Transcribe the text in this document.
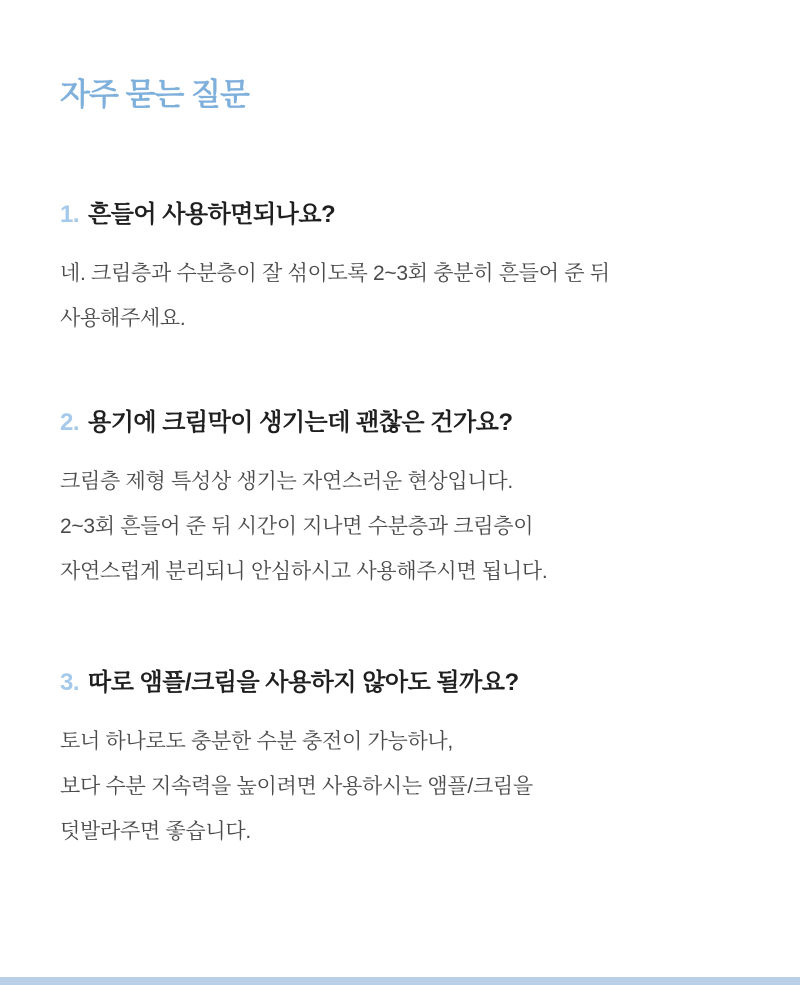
자주 묻는 질문
1. 흔들어 사용하면되나요?
네. 크림층과 수분층이 잘 섞이도록 2~3회 충분히 흔들어 준 뒤
사용해주세요.
2. 용기에 크림막이 생기는데 괜찮은 건가요?
크림층 제형 특성상 생기는 자연스러운 현상입니다.
2~3회 흔들어 준 뒤 시간이 지나면 수분층과 크림층이
자연스럽게 분리되니 안심하시고 사용해주시면 됩니다.
3. 따로 앰플/크림을 사용하지 않아도 될까요?
토너 하나로도 충분한 수분 충전이 가능하나,
보다 수분 지속력을 높이려면 사용하시는 앰플/크림을
덧발라주면 좋습니다.
